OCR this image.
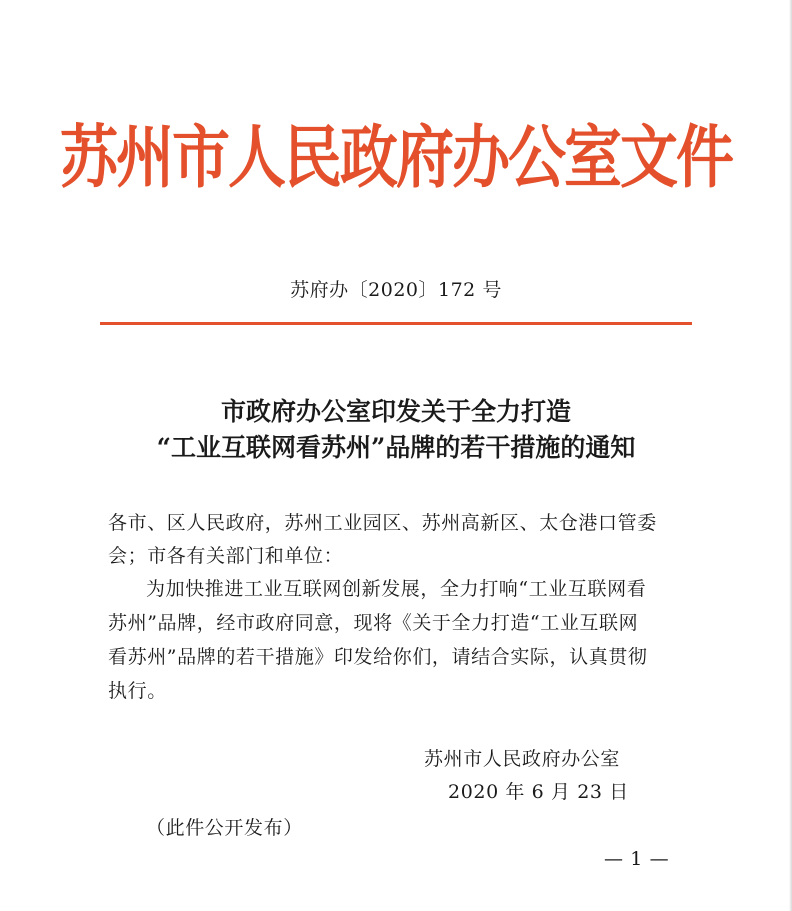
苏州市人民政府办公室文件
苏府办〔2020〕172 号
市政府办公室印发关于全力打造
“工业互联网看苏州”品牌的若干措施的通知
各市、区人民政府，苏州工业园区、苏州高新区、太仓港口管委
会；市各有关部门和单位：
为加快推进工业互联网创新发展，全力打响“工业互联网看
苏州”品牌，经市政府同意，现将《关于全力打造“工业互联网
看苏州”品牌的若干措施》印发给你们，请结合实际，认真贯彻
执行。
苏州市人民政府办公室
2020 年 6 月 23 日
（此件公开发布）
— 1 —
